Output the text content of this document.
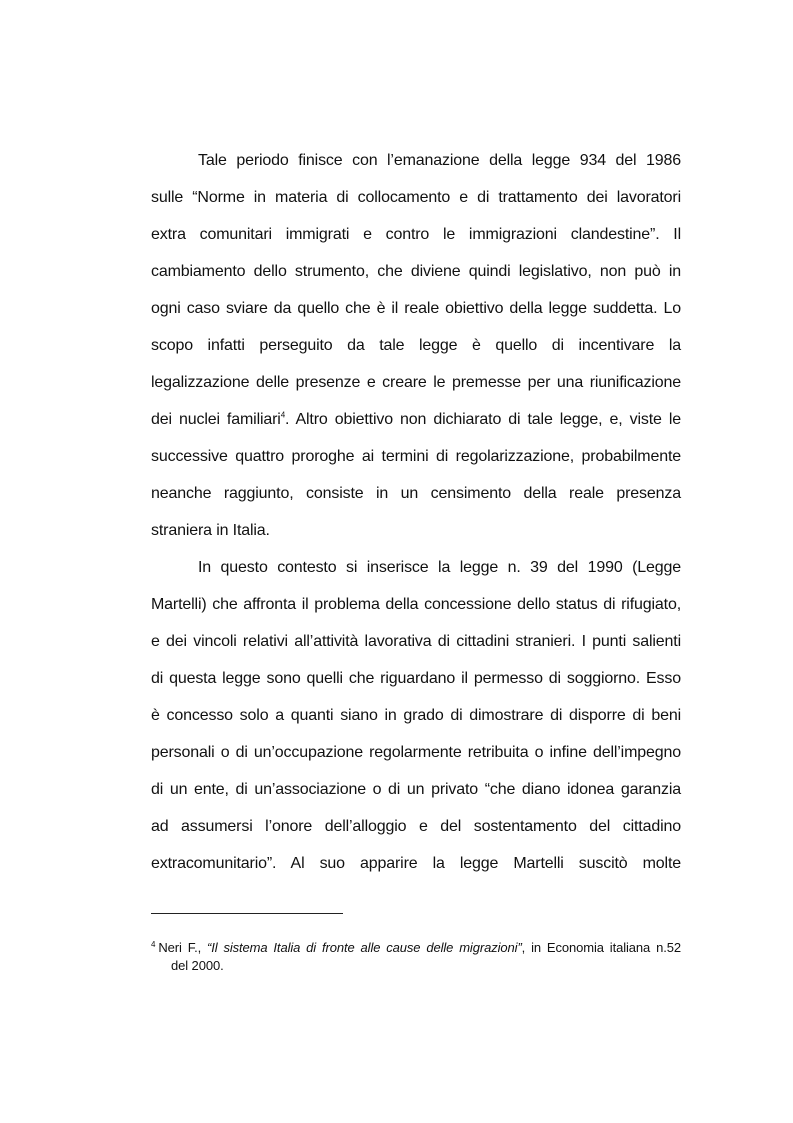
Tale periodo finisce con l’emanazione della legge 934 del 1986
sulle “Norme in materia di collocamento e di trattamento dei lavoratori
extra comunitari immigrati e contro le immigrazioni clandestine”. Il
cambiamento dello strumento, che diviene quindi legislativo, non può in
ogni caso sviare da quello che è il reale obiettivo della legge suddetta. Lo
scopo infatti perseguito da tale legge è quello di incentivare la
legalizzazione delle presenze e creare le premesse per una riunificazione
dei nuclei familiari$^4$. Altro obiettivo non dichiarato di tale legge, e, viste le
successive quattro proroghe ai termini di regolarizzazione, probabilmente
neanche raggiunto, consiste in un censimento della reale presenza
straniera in Italia.
In questo contesto si inserisce la legge n. 39 del 1990 (Legge
Martelli) che affronta il problema della concessione dello status di rifugiato,
e dei vincoli relativi all’attività lavorativa di cittadini stranieri. I punti salienti
di questa legge sono quelli che riguardano il permesso di soggiorno. Esso
è concesso solo a quanti siano in grado di dimostrare di disporre di beni
personali o di un’occupazione regolarmente retribuita o infine dell’impegno
di un ente, di un’associazione o di un privato “che diano idonea garanzia
ad assumersi l’onore dell’alloggio e del sostentamento del cittadino
extracomunitario”. Al suo apparire la legge Martelli suscitò molte
$^4$ Neri F., “Il sistema Italia di fronte alle cause delle migrazioni”, in Economia italiana n.52
del 2000.
